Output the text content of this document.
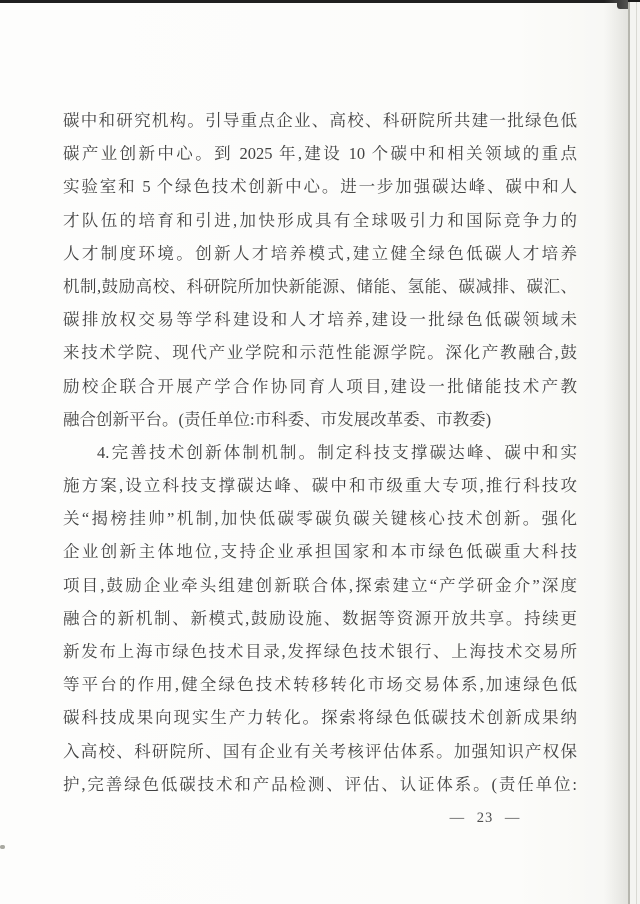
碳中和研究机构。引导重点企业、高校、科研院所共建一批绿色低
碳产业创新中心。到 2025 年,建设 10 个碳中和相关领域的重点
实验室和 5 个绿色技术创新中心。进一步加强碳达峰、碳中和人
才队伍的培育和引进,加快形成具有全球吸引力和国际竞争力的
人才制度环境。创新人才培养模式,建立健全绿色低碳人才培养
机制,鼓励高校、科研院所加快新能源、储能、氢能、碳减排、碳汇、
碳排放权交易等学科建设和人才培养,建设一批绿色低碳领域未
来技术学院、现代产业学院和示范性能源学院。深化产教融合,鼓
励校企联合开展产学合作协同育人项目,建设一批储能技术产教
融合创新平台。(责任单位:市科委、市发展改革委、市教委)
4.完善技术创新体制机制。制定科技支撑碳达峰、碳中和实
施方案,设立科技支撑碳达峰、碳中和市级重大专项,推行科技攻
关“揭榜挂帅”机制,加快低碳零碳负碳关键核心技术创新。强化
企业创新主体地位,支持企业承担国家和本市绿色低碳重大科技
项目,鼓励企业牵头组建创新联合体,探索建立“产学研金介”深度
融合的新机制、新模式,鼓励设施、数据等资源开放共享。持续更
新发布上海市绿色技术目录,发挥绿色技术银行、上海技术交易所
等平台的作用,健全绿色技术转移转化市场交易体系,加速绿色低
碳科技成果向现实生产力转化。探索将绿色低碳技术创新成果纳
入高校、科研院所、国有企业有关考核评估体系。加强知识产权保
护,完善绿色低碳技术和产品检测、评估、认证体系。(责任单位:
— 23 —
